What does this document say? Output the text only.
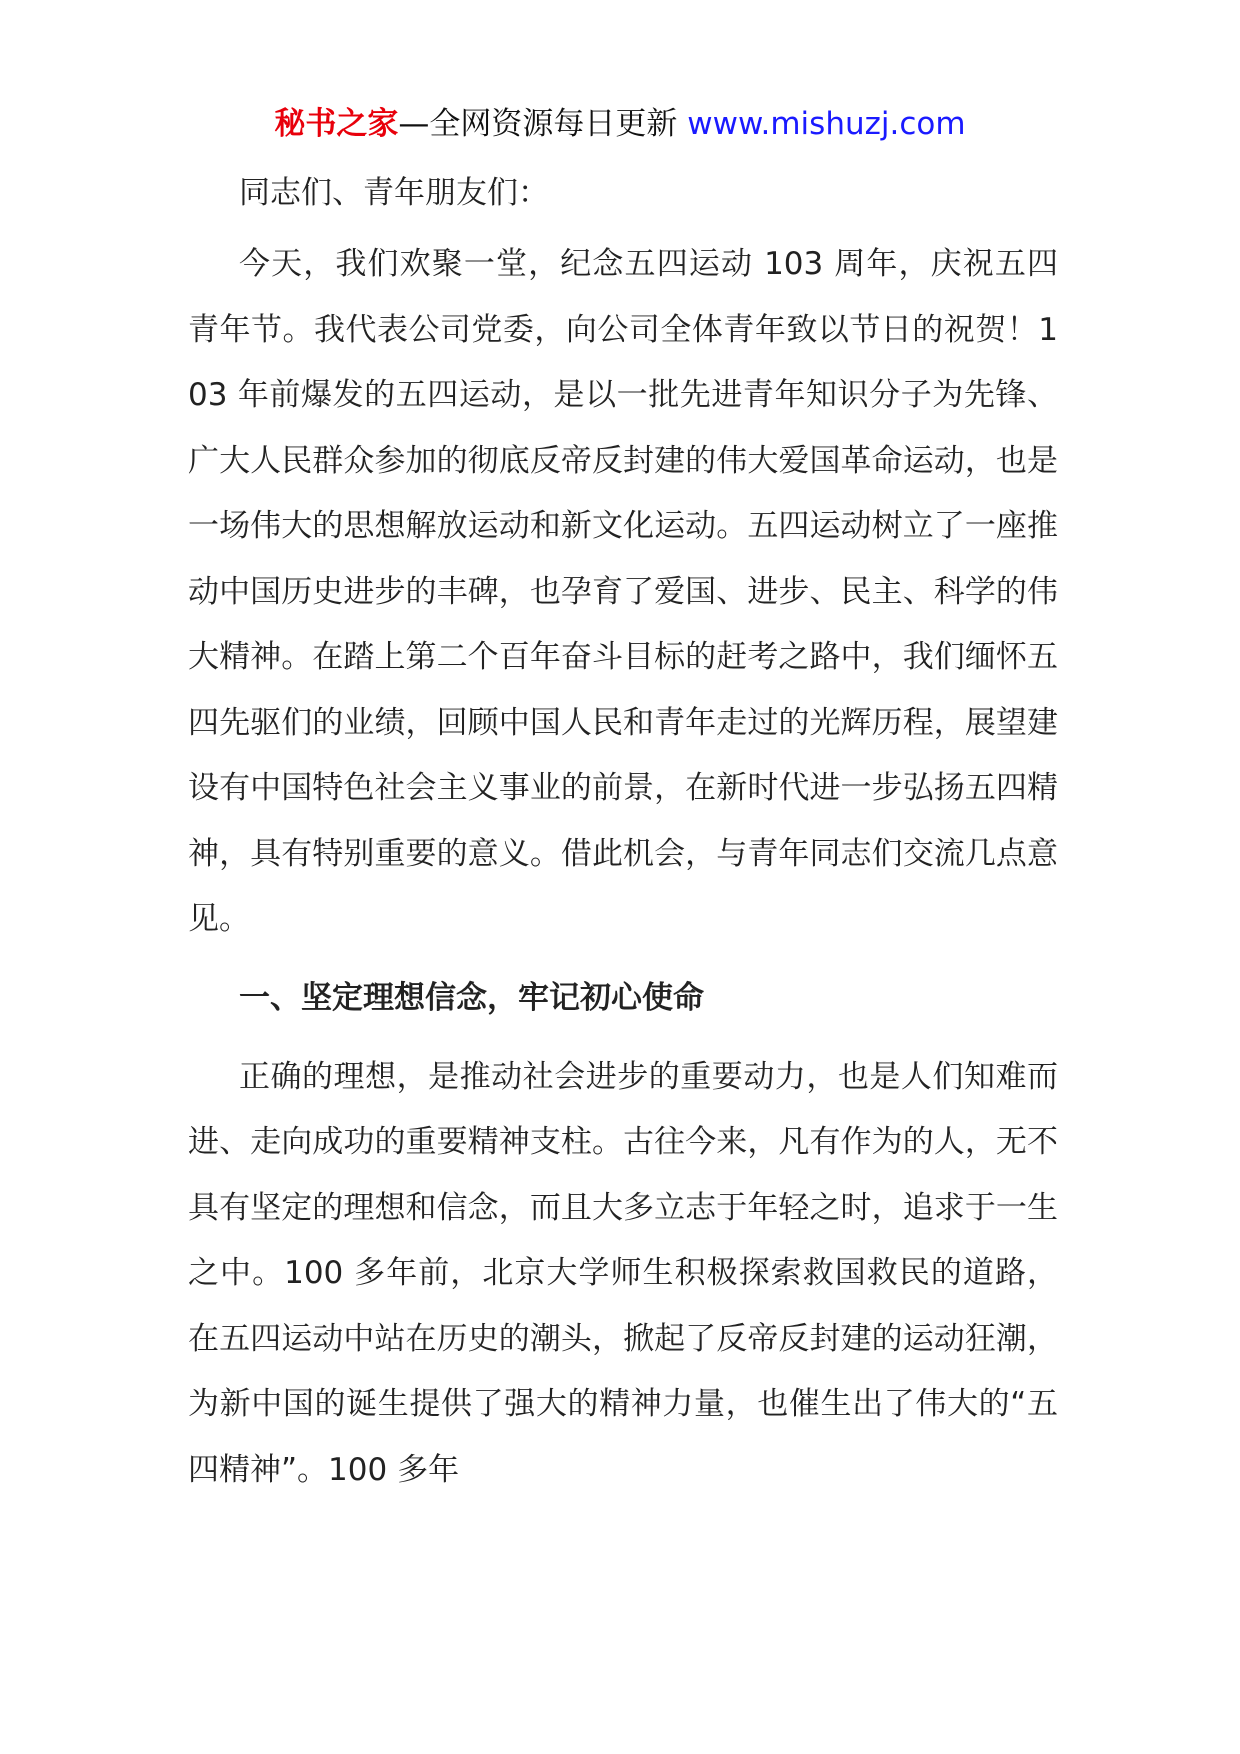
秘书之家—全网资源每日更新 www.mishuzj.com

同志们、青年朋友们：

今天，我们欢聚一堂，纪念五四运动 103 周年，庆祝五四青年节。我代表公司党委，向公司全体青年致以节日的祝贺！103 年前爆发的五四运动，是以一批先进青年知识分子为先锋、广大人民群众参加的彻底反帝反封建的伟大爱国革命运动，也是一场伟大的思想解放运动和新文化运动。五四运动树立了一座推动中国历史进步的丰碑，也孕育了爱国、进步、民主、科学的伟大精神。在踏上第二个百年奋斗目标的赶考之路中，我们缅怀五四先驱们的业绩，回顾中国人民和青年走过的光辉历程，展望建设有中国特色社会主义事业的前景，在新时代进一步弘扬五四精神，具有特别重要的意义。借此机会，与青年同志们交流几点意见。

一、坚定理想信念，牢记初心使命

正确的理想，是推动社会进步的重要动力，也是人们知难而进、走向成功的重要精神支柱。古往今来，凡有作为的人，无不具有坚定的理想和信念，而且大多立志于年轻之时，追求于一生之中。100 多年前，北京大学师生积极探索救国救民的道路，在五四运动中站在历史的潮头，掀起了反帝反封建的运动狂潮，为新中国的诞生提供了强大的精神力量，也催生出了伟大的“五四精神”。100 多年
